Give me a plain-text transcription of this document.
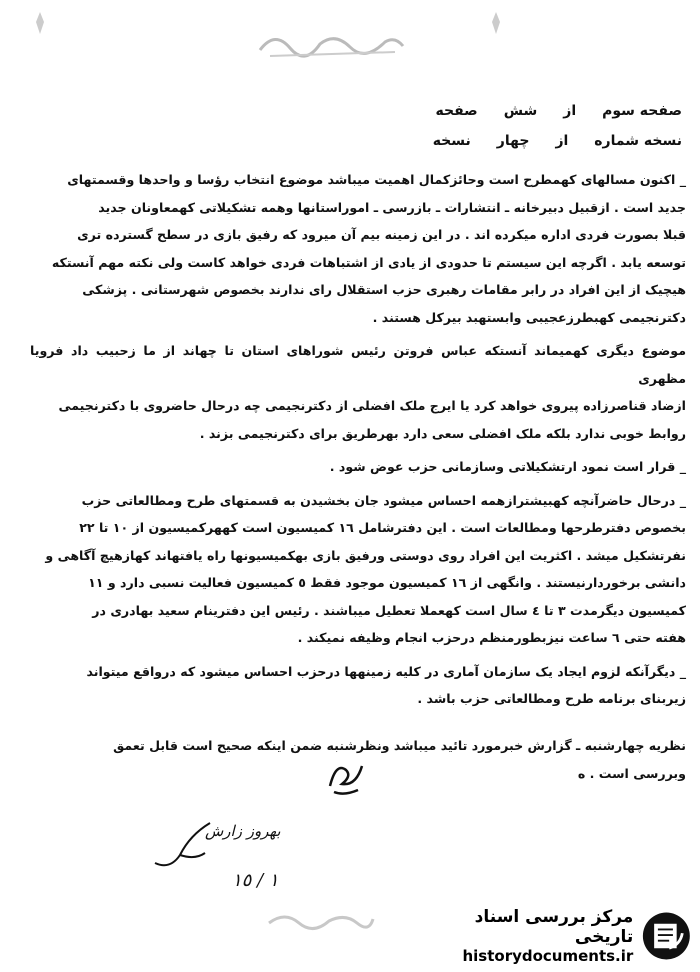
صفحه سوم
از
شش
صفحه
نسخه شماره
از
چهار
نسخه
_ اکنون مسالهای کهمطرح است وحائزکمال اهمیت میباشد موضوع انتخاب رؤسا و واحدها وقسمتهای
جدید است . ازقبیل دبیرخانه ـ انتشارات ـ بازرسی ـ اموراستانها وهمه تشکیلاتی کهمعاونان جدید
قبلا بصورت فردی اداره میکرده اند . در این زمینه بیم آن میرود که رفیق بازی در سطح گسترده تری
توسعه یابد . اگرچه این سیستم تا حدودی از یادی از اشتباهات فردی خواهد کاست ولی نکته مهم آنستکه
هیچیک از این افراد در رابر مقامات رهبری حزب استقلال رای ندارند بخصوص شهرستانی . پزشکی
دکترنجیمی کهبطرزعجیبی وابستهبد بیرکل هستند .
موضوع دیگری کهمیماند آنستکه عباس فروتن رئیس شوراهای استان تا چهاند از ما زحبیب داد فرویا مظهری
ازضاد قناصرزاده پیروی خواهد کرد یا ایرج ملک افضلی از دکترنجیمی چه درحال حاضروی با دکترنجیمی
روابط خوبی ندارد بلکه ملک افضلی سعی دارد بهرطریق برای دکترنجیمی بزند .
_ قرار است نمود ارتشکیلاتی وسازمانی حزب عوض شود .
_ درحال حاضرآنچه کهبیشترازهمه احساس میشود جان بخشیدن به قسمتهای طرح ومطالعاتی حزب
بخصوص دفترطرحها ومطالعات است . این دفترشامل ١٦ کمیسیون است کههرکمیسیون از ١٠ تا ٢٢
نفرتشکیل میشد . اکثریت این افراد روی دوستی ورفیق بازی بهکمیسیونها راه یافتهاند کهازهیچ آگاهی و
دانشی برخوردارنیستند . وانگهی از ١٦ کمیسیون موجود فقط ٥ کمیسیون فعالیت نسبی دارد و ١١
کمیسیون دیگرمدت ٣ تا ٤ سال است کهعملا تعطیل میباشند . رئیس این دفترینام سعید بهادری در
هفته حتی ٦ ساعت نیزبطورمنظم درحزب انجام وظیفه نمیکند .
_ دیگرآنکه لزوم ایجاد یک سازمان آماری در کلیه زمینهها درحزب احساس میشود که درواقع میتواند
زیربنای برنامه طرح ومطالعاتی حزب باشد .
نظریه چهارشنبه ـ گزارش خبرمورد تائید میباشد ونظرشنبه ضمن اینکه صحیح است قابل تعمق
وبررسی است . ه
بهروز زارش
١ / ١٥
مرکز بررسی اسناد تاریخی
historydocuments.ir
